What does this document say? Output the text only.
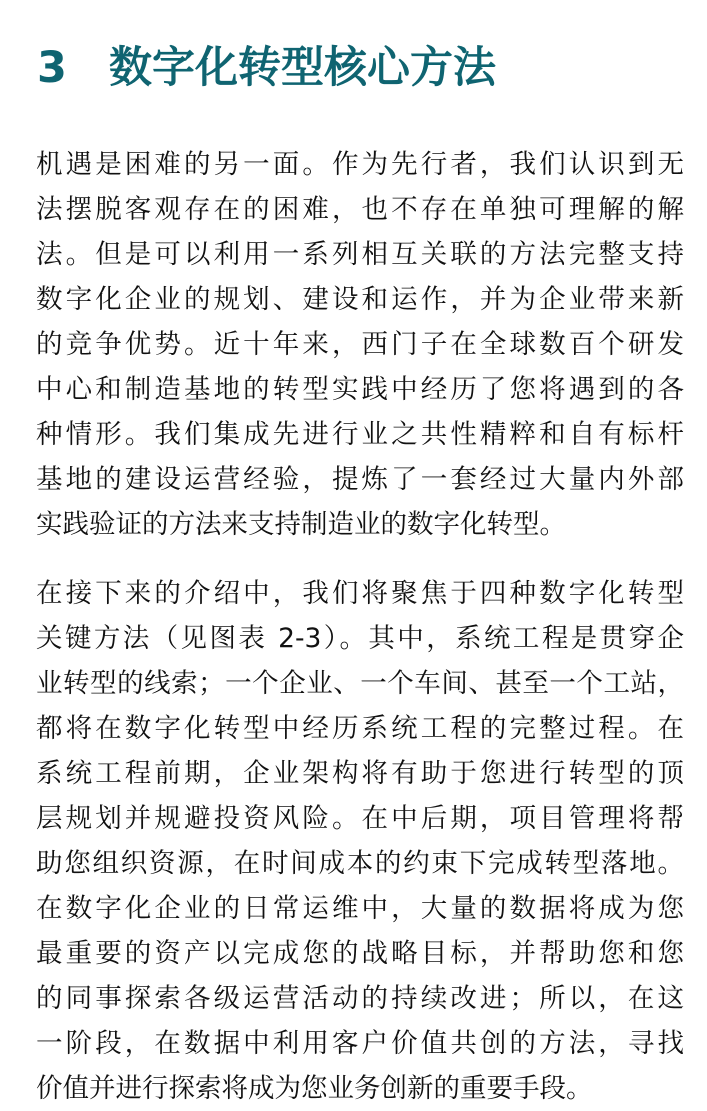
3 数字化转型核心方法
机遇是困难的另一面。作为先行者，我们认识到无
法摆脱客观存在的困难，也不存在单独可理解的解
法。但是可以利用一系列相互关联的方法完整支持
数字化企业的规划、建设和运作，并为企业带来新
的竞争优势。近十年来，西门子在全球数百个研发
中心和制造基地的转型实践中经历了您将遇到的各
种情形。我们集成先进行业之共性精粹和自有标杆
基地的建设运营经验，提炼了一套经过大量内外部
实践验证的方法来支持制造业的数字化转型。
在接下来的介绍中，我们将聚焦于四种数字化转型
关键方法（见图表 2-3）。其中，系统工程是贯穿企
业转型的线索；一个企业、一个车间、甚至一个工站，
都将在数字化转型中经历系统工程的完整过程。在
系统工程前期，企业架构将有助于您进行转型的顶
层规划并规避投资风险。在中后期，项目管理将帮
助您组织资源，在时间成本的约束下完成转型落地。
在数字化企业的日常运维中，大量的数据将成为您
最重要的资产以完成您的战略目标，并帮助您和您
的同事探索各级运营活动的持续改进；所以，在这
一阶段，在数据中利用客户价值共创的方法，寻找
价值并进行探索将成为您业务创新的重要手段。
